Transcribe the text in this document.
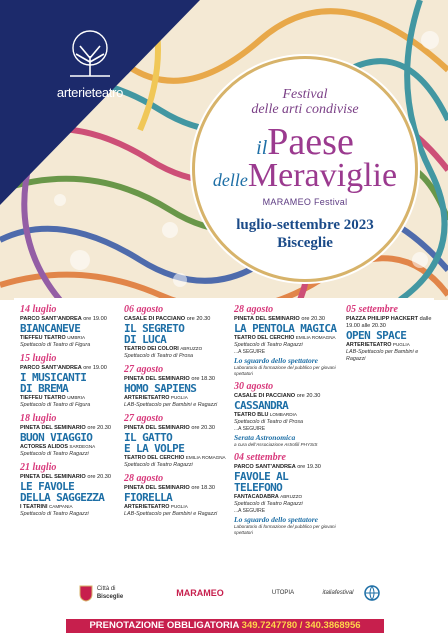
arterieteatro	Festival
delle arti condivise
ilPaese
delleMeraviglie
MARAMEO Festival
luglio-settembre 2023
Bisceglie
14 luglio
PARCO SANT'ANDREA ore 19.00
BIANCANEVE
TIEFFEU TEATRO UMBRIA
Spettacolo di Teatro di Figura
15 luglio
PARCO SANT'ANDREA ore 19.00
I MUSICANTI
DI BREMA
TIEFFEU TEATRO UMBRIA
Spettacolo di Teatro di Figura
18 luglio
PINETA DEL SEMINARIO ore 20.30
BUON VIAGGIO
ACTORES ALIDOS SARDEGNA
Spettacolo di Teatro Ragazzi
21 luglio
PINETA DEL SEMINARIO ore 20.30
LE FAVOLE
DELLA SAGGEZZA
I TEATRINI CAMPANIA
Spettacolo di Teatro Ragazzi
06 agosto
CASALE DI PACCIANO ore 20.30
IL SEGRETO
DI LUCA
TEATRO DEI COLORI ABRUZZO
Spettacolo di Teatro di Prosa
27 agosto
PINETA DEL SEMINARIO ore 18.30
HOMO SAPIENS
ARTERIETEATRO PUGLIA
LAB-Spettacolo per Bambini e Ragazzi
27 agosto
PINETA DEL SEMINARIO ore 20.30
IL GATTO
E LA VOLPE
TEATRO DEL CERCHIO EMILIA ROMAGNA
Spettacolo di Teatro Ragazzi
28 agosto
PINETA DEL SEMINARIO ore 18.30
FIORELLA
ARTERIETEATRO PUGLIA
LAB-Spettacolo per Bambini e Ragazzi
28 agosto
PINETA DEL SEMINARIO ore 20.30
LA PENTOLA MAGICA
TEATRO DEL CERCHIO EMILIA ROMAGNA
Spettacolo di Teatro Ragazzi
...A SEGUIRE
Lo sguardo dello spettatore
Laboratorio di formazione del pubblico per giovani spettatori
30 agosto
CASALE DI PACCIANO ore 20.30
CASSANDRA
TEATRO BLU LOMBARDIA
Spettacolo di Teatro di Prosa
...A SEGUIRE
Serata Astronomica
a cura dell'Associazione Astrofili PHYSIS
04 settembre
PARCO SANT'ANDREA ore 19.30
FAVOLE AL TELEFONO
FANTACADABRA ABRUZZO
Spettacolo di Teatro Ragazzi
...A SEGUIRE
Lo sguardo dello spettatore
Laboratorio di formazione del pubblico per giovani spettatori
05 settembre
PIAZZA PHILIPP HACKERT dalle 19.00 alle 20.30
OPEN SPACE
ARTERIETEATRO PUGLIA
LAB-Spettacolo per Bambini e Ragazzi
Città di
Bisceglie	MARAMEO	UTOPIA	italiafestival
PRENOTAZIONE OBBLIGATORIA 349.7247780 / 340.3868956
